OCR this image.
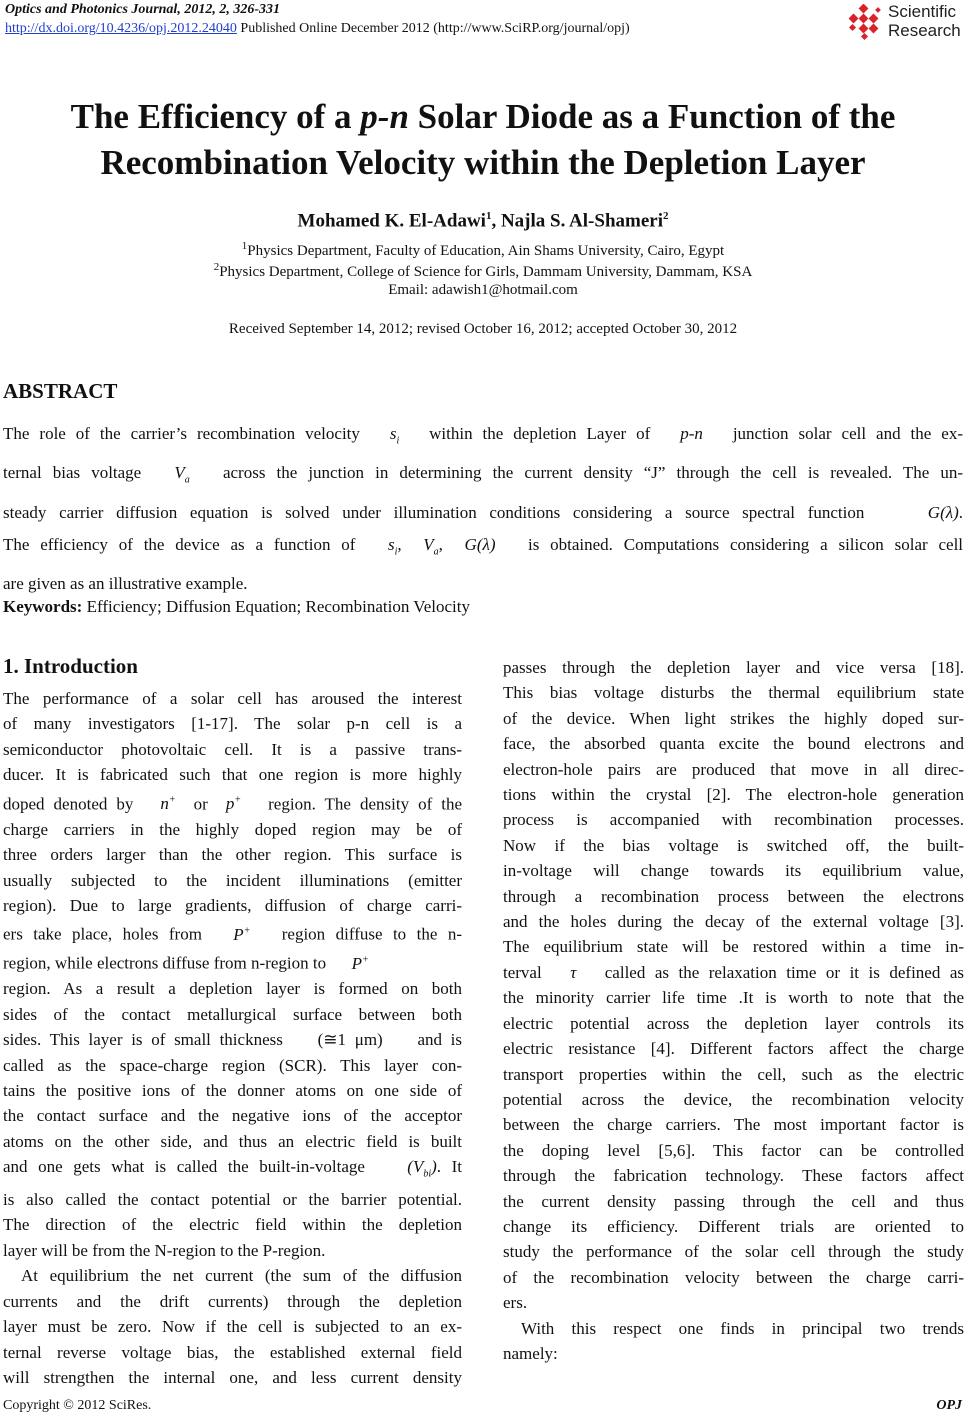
Optics and Photonics Journal, 2012, 2, 326-331
http://dx.doi.org/10.4236/opj.2012.24040 Published Online December 2012 (http://www.SciRP.org/journal/opj)
Scientific
Research
The Efficiency of a p-n Solar Diode as a Function of the
Recombination Velocity within the Depletion Layer
Mohamed K. El-Adawi$^1$, Najla S. Al-Shameri$^2$
$^1$Physics Department, Faculty of Education, Ain Shams University, Cairo, Egypt
$^2$Physics Department, College of Science for Girls, Dammam University, Dammam, KSA
Email: adawish1@hotmail.com
Received September 14, 2012; revised October 16, 2012; accepted October 30, 2012
ABSTRACT
The role of the carrier’s recombination velocity $s_i$ within the depletion Layer of p-n junction solar cell and the ex-
ternal bias voltage $V_a$ across the junction in determining the current density “J” through the cell is revealed. The un-
steady carrier diffusion equation is solved under illumination conditions considering a source spectral function	G(λ).
The efficiency of the device as a function of $s_i$, $V_a$, G(λ) is obtained. Computations considering a silicon solar cell
are given as an illustrative example.
Keywords: Efficiency; Diffusion Equation; Recombination Velocity
1. Introduction
The performance of a solar cell has aroused the interest
of many investigators [1-17]. The solar p-n cell is a
semiconductor photovoltaic cell. It is a passive trans-
ducer. It is fabricated such that one region is more highly
doped denoted by n+ or p+ region. The density of the
charge carriers in the highly doped region may be of
three orders larger than the other region. This surface is
usually subjected to the incident illuminations (emitter
region). Due to large gradients, diffusion of charge carri-
ers take place, holes from P+ region diffuse to the n-
region, while electrons diffuse from n-region to P+
region. As a result a depletion layer is formed on both
sides of the contact metallurgical surface between both
sides. This layer is of small thickness (≅1 μm) and is
called as the space-charge region (SCR). This layer con-
tains the positive ions of the donner atoms on one side of
the contact surface and the negative ions of the acceptor
atoms on the other side, and thus an electric field is built
and one gets what is called the built-in-voltage $(V_{bi})$. It
is also called the contact potential or the barrier potential.
The direction of the electric field within the depletion
layer will be from the N-region to the P-region.
At equilibrium the net current (the sum of the diffusion
currents and the drift currents) through the depletion
layer must be zero. Now if the cell is subjected to an ex-
ternal reverse voltage bias, the established external field
will strengthen the internal one, and less current density
passes through the depletion layer and vice versa [18].
This bias voltage disturbs the thermal equilibrium state
of the device. When light strikes the highly doped sur-
face, the absorbed quanta excite the bound electrons and
electron-hole pairs are produced that move in all direc-
tions within the crystal [2]. The electron-hole generation
process is accompanied with recombination processes.
Now if the bias voltage is switched off, the built-
in-voltage will change towards its equilibrium value,
through a recombination process between the electrons
and the holes during the decay of the external voltage [3].
The equilibrium state will be restored within a time in-
terval τ called as the relaxation time or it is defined as
the minority carrier life time .It is worth to note that the
electric potential across the depletion layer controls its
electric resistance [4]. Different factors affect the charge
transport properties within the cell, such as the electric
potential across the device, the recombination velocity
between the charge carriers. The most important factor is
the doping level [5,6]. This factor can be controlled
through the fabrication technology. These factors affect
the current density passing through the cell and thus
change its efficiency. Different trials are oriented to
study the performance of the solar cell through the study
of the recombination velocity between the charge carri-
ers.
With this respect one finds in principal two trends
namely:
Copyright © 2012 SciRes.	OPJ
